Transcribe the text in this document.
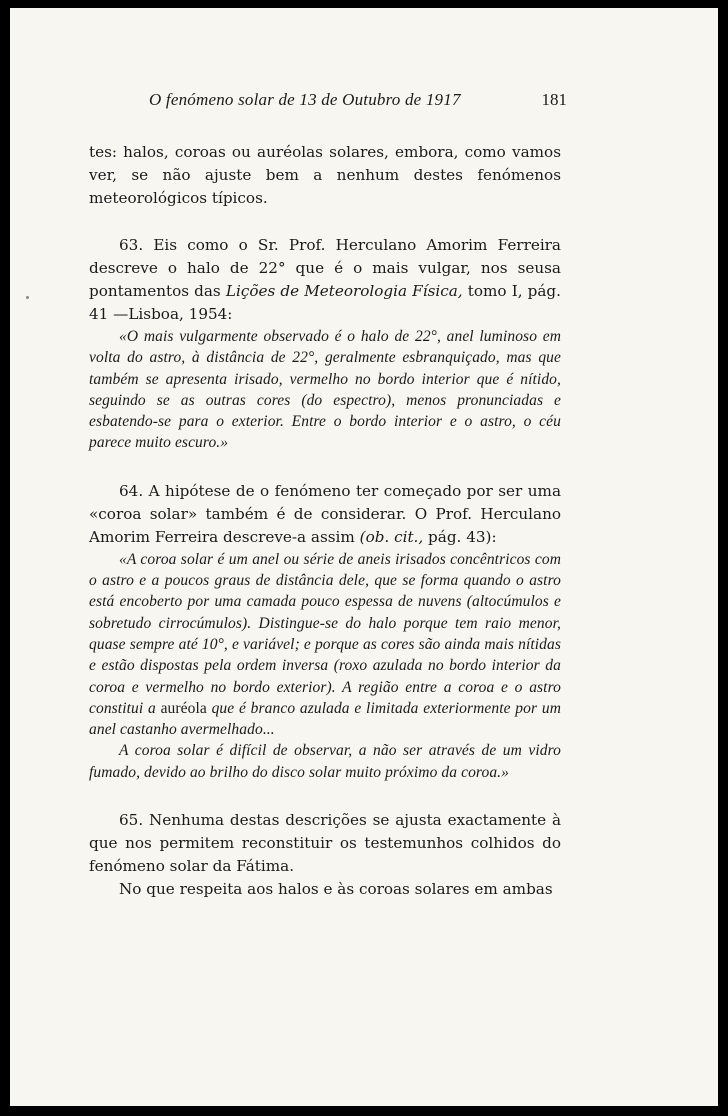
O fenómeno solar de 13 de Outubro de 1917	181

tes: halos, coroas ou auréolas solares, embora, como vamos ver, se não ajuste bem a nenhum destes fenómenos meteorológicos típicos.

63. Eis como o Sr. Prof. Herculano Amorim Ferreira descreve o halo de 22° que é o mais vulgar, nos seusa pontamentos das Lições de Meteorologia Física, tomo I, pág. 41 —Lisboa, 1954:

«O mais vulgarmente observado é o halo de 22°, anel luminoso em volta do astro, à distância de 22°, geralmente esbranquiçado, mas que também se apresenta irisado, vermelho no bordo interior que é nítido, seguindo se as outras cores (do espectro), menos pronunciadas e esbatendo-se para o exterior. Entre o bordo interior e o astro, o céu parece muito escuro.»

64. A hipótese de o fenómeno ter começado por ser uma «coroa solar» também é de considerar. O Prof. Herculano Amorim Ferreira descreve-a assim (ob. cit., pág. 43):

«A coroa solar é um anel ou série de aneis irisados concêntricos com o astro e a poucos graus de distância dele, que se forma quando o astro está encoberto por uma camada pouco espessa de nuvens (altocúmulos e sobretudo cirrocúmulos). Distingue-se do halo porque tem raio menor, quase sempre até 10°, e variável; e porque as cores são ainda mais nítidas e estão dispostas pela ordem inversa (roxo azulada no bordo interior da coroa e vermelho no bordo exterior). A região entre a coroa e o astro constitui a auréola que é branco azulada e limitada exteriormente por um anel castanho avermelhado...

A coroa solar é difícil de observar, a não ser através de um vidro fumado, devido ao brilho do disco solar muito próximo da coroa.»

65. Nenhuma destas descrições se ajusta exactamente à que nos permitem reconstituir os testemunhos colhidos do fenómeno solar da Fátima.

No que respeita aos halos e às coroas solares em ambas
